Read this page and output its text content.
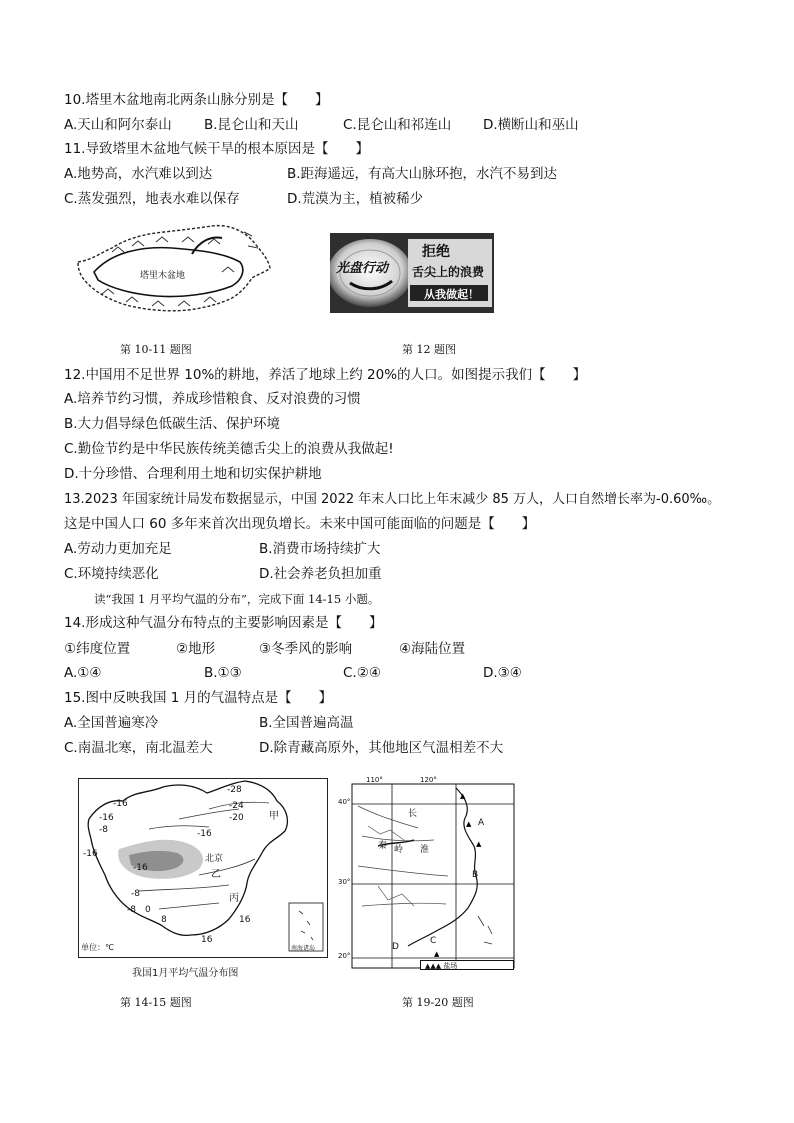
10.塔里木盆地南北两条山脉分别是【　　】
A.天山和阿尔泰山 B.昆仑山和天山	C.昆仑山和祁连山 D.横断山和巫山
11.导致塔里木盆地气候干旱的根本原因是【　　】
A.地势高，水汽难以到达	B.距海遥远，有高大山脉环抱，水汽不易到达
C.蒸发强烈，地表水难以保存	D.荒漠为主，植被稀少
塔里木盆地
第 10-11 题图
光盘行动
拒绝
舌尖上的浪费
从我做起！
第 12 题图
12.中国用不足世界 10%的耕地，养活了地球上约 20%的人口。如图提示我们【　　】
A.培养节约习惯，养成珍惜粮食、反对浪费的习惯
B.大力倡导绿色低碳生活、保护环境
C.勤俭节约是中华民族传统美德舌尖上的浪费从我做起!
D.十分珍惜、合理利用土地和切实保护耕地
13.2023 年国家统计局发布数据显示，中国 2022 年末人口比上年末减少 85 万人，人口自然增长率为-0.60‰。
这是中国人口 60 多年来首次出现负增长。未来中国可能面临的问题是【　　】
A.劳动力更加充足	B.消费市场持续扩大
C.环境持续恶化	D.社会养老负担加重
读“我国 1 月平均气温的分布”，完成下面 14-15 小题。
14.形成这种气温分布特点的主要影响因素是【　　】
①纬度位置	②地形	③冬季风的影响	④海陆位置
A.①④	B.①③	C.②④	D.③④
15.图中反映我国 1 月的气温特点是【　　】
A.全国普遍寒冷	B.全国普遍高温
C.南温北寒，南北温差大	D.除青藏高原外，其他地区气温相差不大
-28
-24
-20
-16
-16
-16
-8
-16
-16
-8 0
8	16
16
-8
甲
北京
乙
丙
南海诸岛
单位：℃
我国1月平均气温分布图
第 14-15 题图
▲
▲
▲
▲
110°	120°
40°
30°
20°
长
秦 岭 淮
A
B
C
D
▲▲▲ 盐场
第 19-20 题图
